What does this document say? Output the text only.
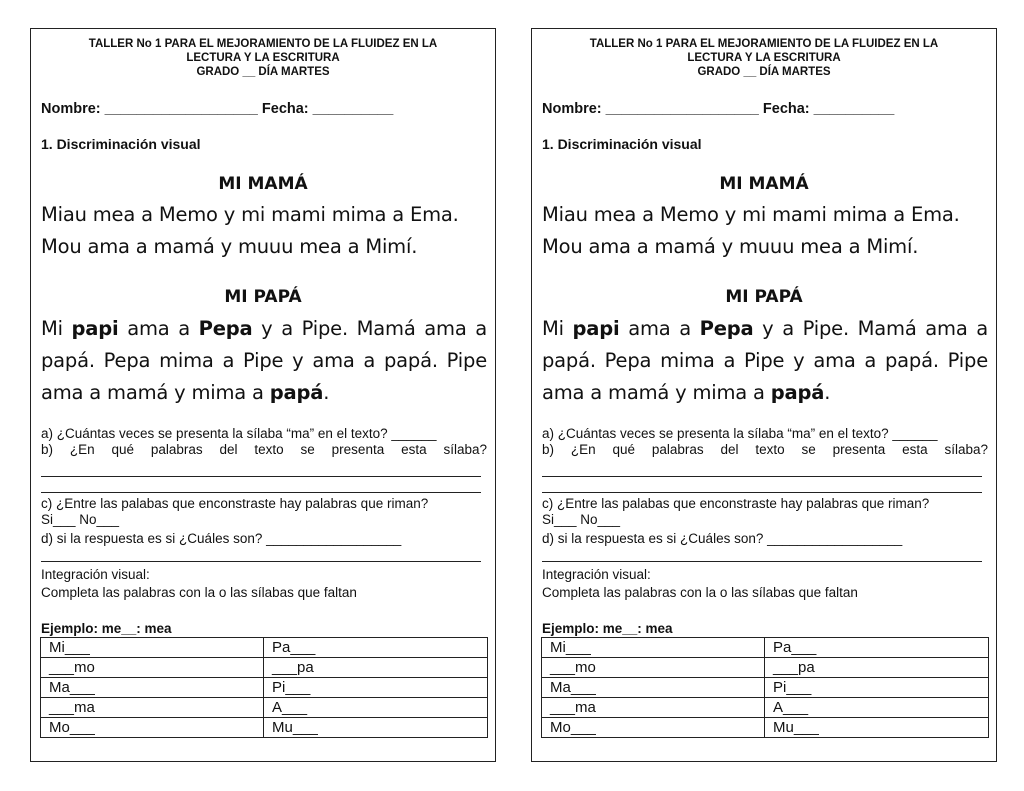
TALLER No 1 PARA EL MEJORAMIENTO DE LA FLUIDEZ EN LA
LECTURA Y LA ESCRITURA
GRADO __ DÍA MARTES
Nombre: ___________________ Fecha: __________
1. Discriminación visual
MI MAMÁ
Miau mea a Memo y mi mami mima a Ema. Mou ama a mamá y muuu mea a Mimí.
MI PAPÁ
Mi papi ama a Pepa y a Pipe. Mamá ama a papá. Pepa mima a Pipe y ama a papá. Pipe ama a mamá y mima a papá.
a) ¿Cuántas veces se presenta la sílaba “ma” en el texto? ______
b) ¿En qué palabras del texto se presenta esta sílaba?
c) ¿Entre las palabas que enconstraste hay palabras que riman?
Si___ No___
d) si la respuesta es si ¿Cuáles son? __________________
Integración visual:
Completa las palabras con la o las sílabas que faltan
Ejemplo: me__: mea
Mi___	Pa___
___mo	___pa
Ma___	Pi___
___ma	A___
Mo___	Mu___
TALLER No 1 PARA EL MEJORAMIENTO DE LA FLUIDEZ EN LA
LECTURA Y LA ESCRITURA
GRADO __ DÍA MARTES
Nombre: ___________________ Fecha: __________
1. Discriminación visual
MI MAMÁ
Miau mea a Memo y mi mami mima a Ema. Mou ama a mamá y muuu mea a Mimí.
MI PAPÁ
Mi papi ama a Pepa y a Pipe. Mamá ama a papá. Pepa mima a Pipe y ama a papá. Pipe ama a mamá y mima a papá.
a) ¿Cuántas veces se presenta la sílaba “ma” en el texto? ______
b) ¿En qué palabras del texto se presenta esta sílaba?
c) ¿Entre las palabas que enconstraste hay palabras que riman?
Si___ No___
d) si la respuesta es si ¿Cuáles son? __________________
Integración visual:
Completa las palabras con la o las sílabas que faltan
Ejemplo: me__: mea
Mi___	Pa___
___mo	___pa
Ma___	Pi___
___ma	A___
Mo___	Mu___
